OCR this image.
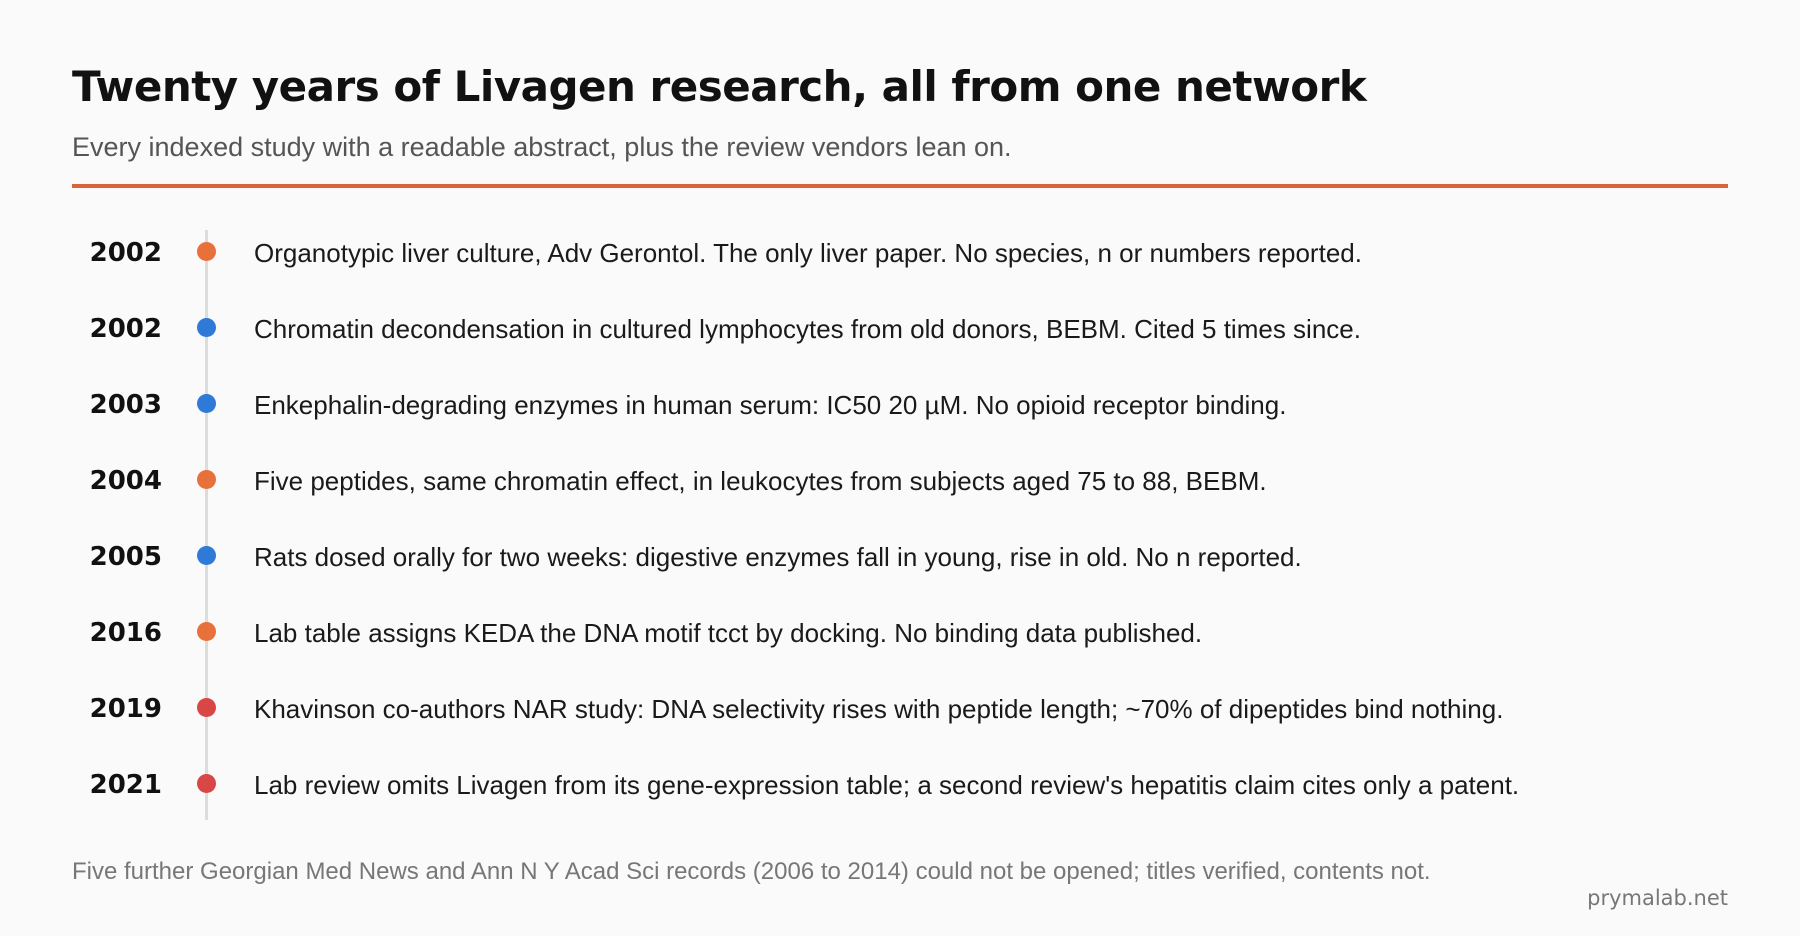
Twenty years of Livagen research, all from one network
Every indexed study with a readable abstract, plus the review vendors lean on.
2002	Organotypic liver culture, Adv Gerontol. The only liver paper. No species, n or numbers reported.
2002	Chromatin decondensation in cultured lymphocytes from old donors, BEBM. Cited 5 times since.
2003	Enkephalin-degrading enzymes in human serum: IC50 20 µM. No opioid receptor binding.
2004	Five peptides, same chromatin effect, in leukocytes from subjects aged 75 to 88, BEBM.
2005	Rats dosed orally for two weeks: digestive enzymes fall in young, rise in old. No n reported.
2016	Lab table assigns KEDA the DNA motif tcct by docking. No binding data published.
2019	Khavinson co-authors NAR study: DNA selectivity rises with peptide length; ~70% of dipeptides bind nothing.
2021	Lab review omits Livagen from its gene-expression table; a second review's hepatitis claim cites only a patent.
Five further Georgian Med News and Ann N Y Acad Sci records (2006 to 2014) could not be opened; titles verified, contents not.
prymalab.net
